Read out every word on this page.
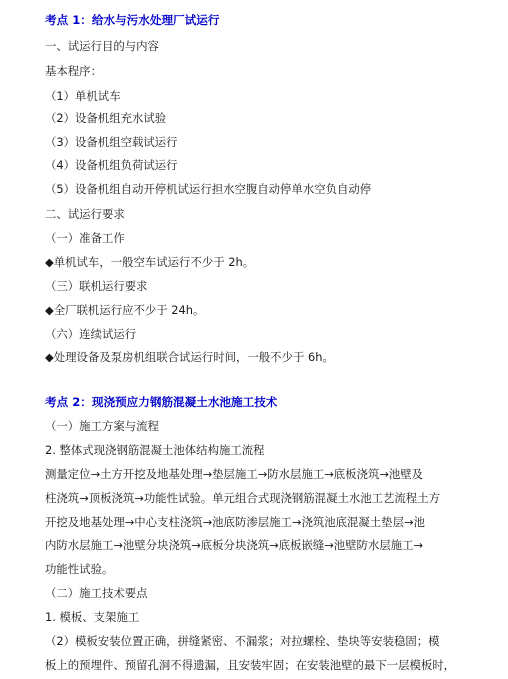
考点 1：给水与污水处理厂试运行
一、试运行目的与内容
基本程序：
（1）单机试车
（2）设备机组充水试验
（3）设备机组空载试运行
（4）设备机组负荷试运行
（5）设备机组自动开停机试运行担水空腹自动停单水空负自动停
二、试运行要求
（一）准备工作
◆单机试车，一般空车试运行不少于 2h。
（三）联机运行要求
◆全厂联机运行应不少于 24h。
（六）连续试运行
◆处理设备及泵房机组联合试运行时间，一般不少于 6h。
考点 2：现浇预应力钢筋混凝土水池施工技术
（一）施工方案与流程
2. 整体式现浇钢筋混凝土池体结构施工流程
测量定位→土方开挖及地基处理→垫层施工→防水层施工→底板浇筑→池壁及
柱浇筑→顶板浇筑→功能性试验。单元组合式现浇钢筋混凝土水池工艺流程土方
开挖及地基处理→中心支柱浇筑→池底防渗层施工→浇筑池底混凝土垫层→池
内防水层施工→池壁分块浇筑→底板分块浇筑→底板嵌缝→池壁防水层施工→
功能性试验。
（二）施工技术要点
1. 模板、支架施工
（2）模板安装位置正确，拼缝紧密、不漏浆；对拉螺栓、垫块等安装稳固；模
板上的预埋件、预留孔洞不得遗漏，且安装牢固；在安装池壁的最下一层模板时，
